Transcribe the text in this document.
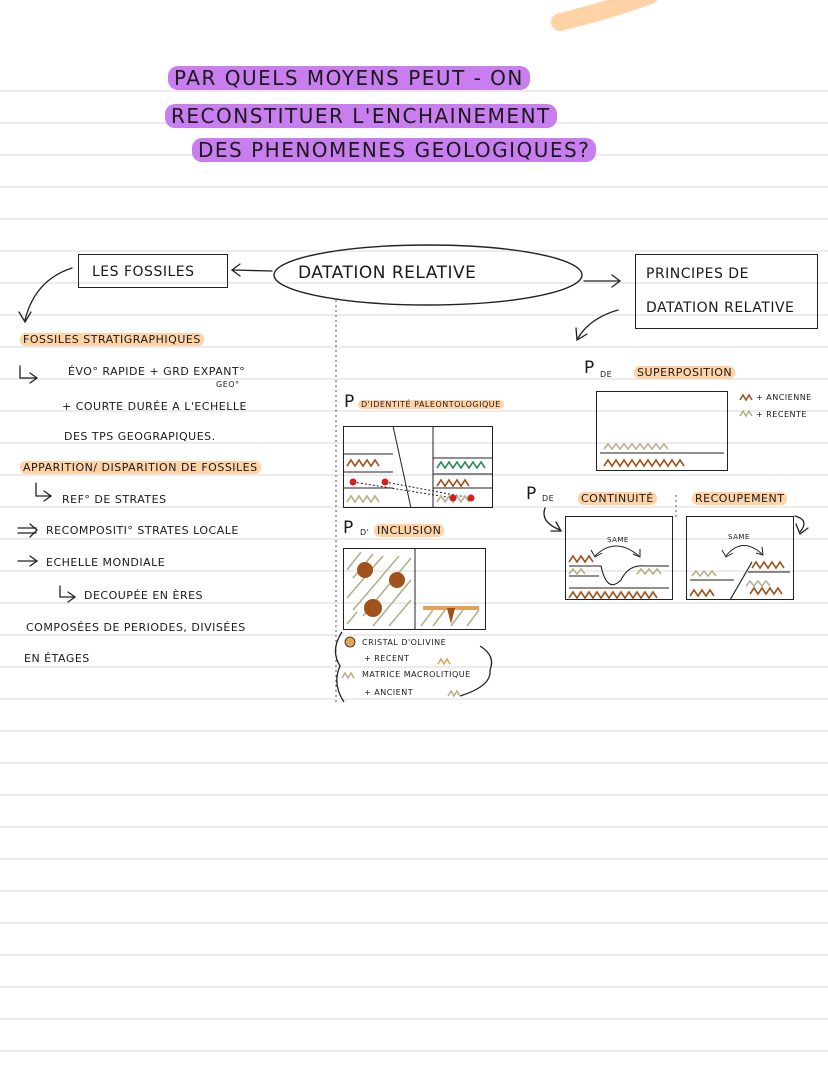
PAR QUELS MOYENS PEUT - ON
RECONSTITUER L'ENCHAINEMENT
DES PHENOMENES GEOLOGIQUES?
DATATION RELATIVE
LES FOSSILES	PRINCIPES DE
DATATION RELATIVE
FOSSILES STRATIGRAPHIQUES
ÉVO° RAPIDE + GRD EXPANT°
GEO°
+ COURTE DURÉE A L'ECHELLE
DES TPS GEOGRAPIQUES.
APPARITION/ DISPARITION DE FOSSILES
REF° DE STRATES
RECOMPOSITI° STRATES LOCALE
ECHELLE MONDIALE
DECOUPÉE EN ÈRES
COMPOSÉES DE PERIODES, DIVISÉES
EN ÉTAGES
P D'IDENTITÉ PALEONTOLOGIQUE
P DE SUPERPOSITION
+ ANCIENNE
+ RECENTE
P D' INCLUSION
CRISTAL D'OLIVINE
+ RECENT
MATRICE MACROLITIQUE
+ ANCIENT
P DE CONTINUITÉ	RECOUPEMENT
SAME	SAME
